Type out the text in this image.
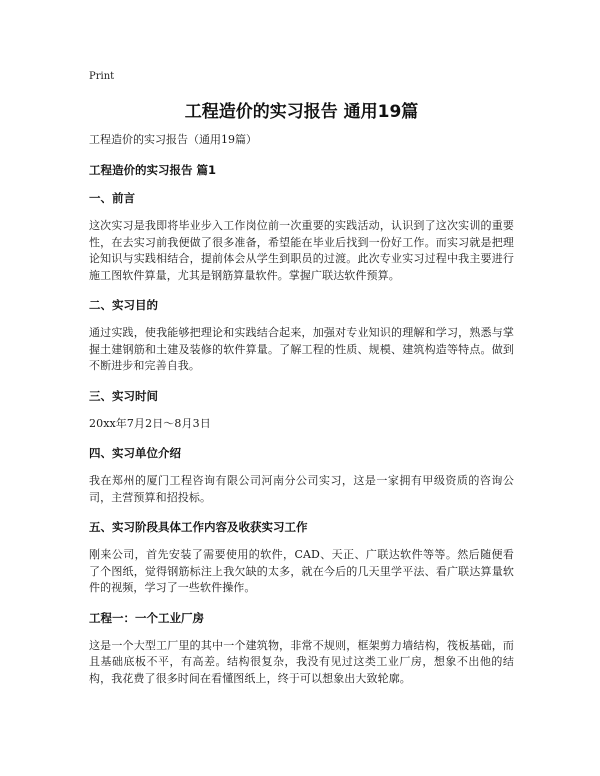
Print
工程造价的实习报告 通用19篇
工程造价的实习报告（通用19篇）
工程造价的实习报告 篇1
一、前言
这次实习是我即将毕业步入工作岗位前一次重要的实践活动，认识到了这次实训的重要性，在去实习前我便做了很多准备，希望能在毕业后找到一份好工作。而实习就是把理论知识与实践相结合，提前体会从学生到职员的过渡。此次专业实习过程中我主要进行施工图软件算量，尤其是钢筋算量软件。掌握广联达软件预算。
二、实习目的
通过实践，使我能够把理论和实践结合起来，加强对专业知识的理解和学习，熟悉与掌握土建钢筋和土建及装修的软件算量。了解工程的性质、规模、建筑构造等特点。做到不断进步和完善自我。
三、实习时间
20xx年7月2日～8月3日
四、实习单位介绍
我在郑州的厦门工程咨询有限公司河南分公司实习，这是一家拥有甲级资质的咨询公司，主营预算和招投标。
五、实习阶段具体工作内容及收获实习工作
刚来公司，首先安装了需要使用的软件，CAD、天正、广联达软件等等。然后随便看了个图纸，觉得钢筋标注上我欠缺的太多，就在今后的几天里学平法、看广联达算量软件的视频，学习了一些软件操作。
工程一：一个工业厂房
这是一个大型工厂里的其中一个建筑物，非常不规则，框架剪力墙结构，筏板基础，而且基础底板不平，有高差。结构很复杂，我没有见过这类工业厂房，想象不出他的结构，我花费了很多时间在看懂图纸上，终于可以想象出大致轮廓。
